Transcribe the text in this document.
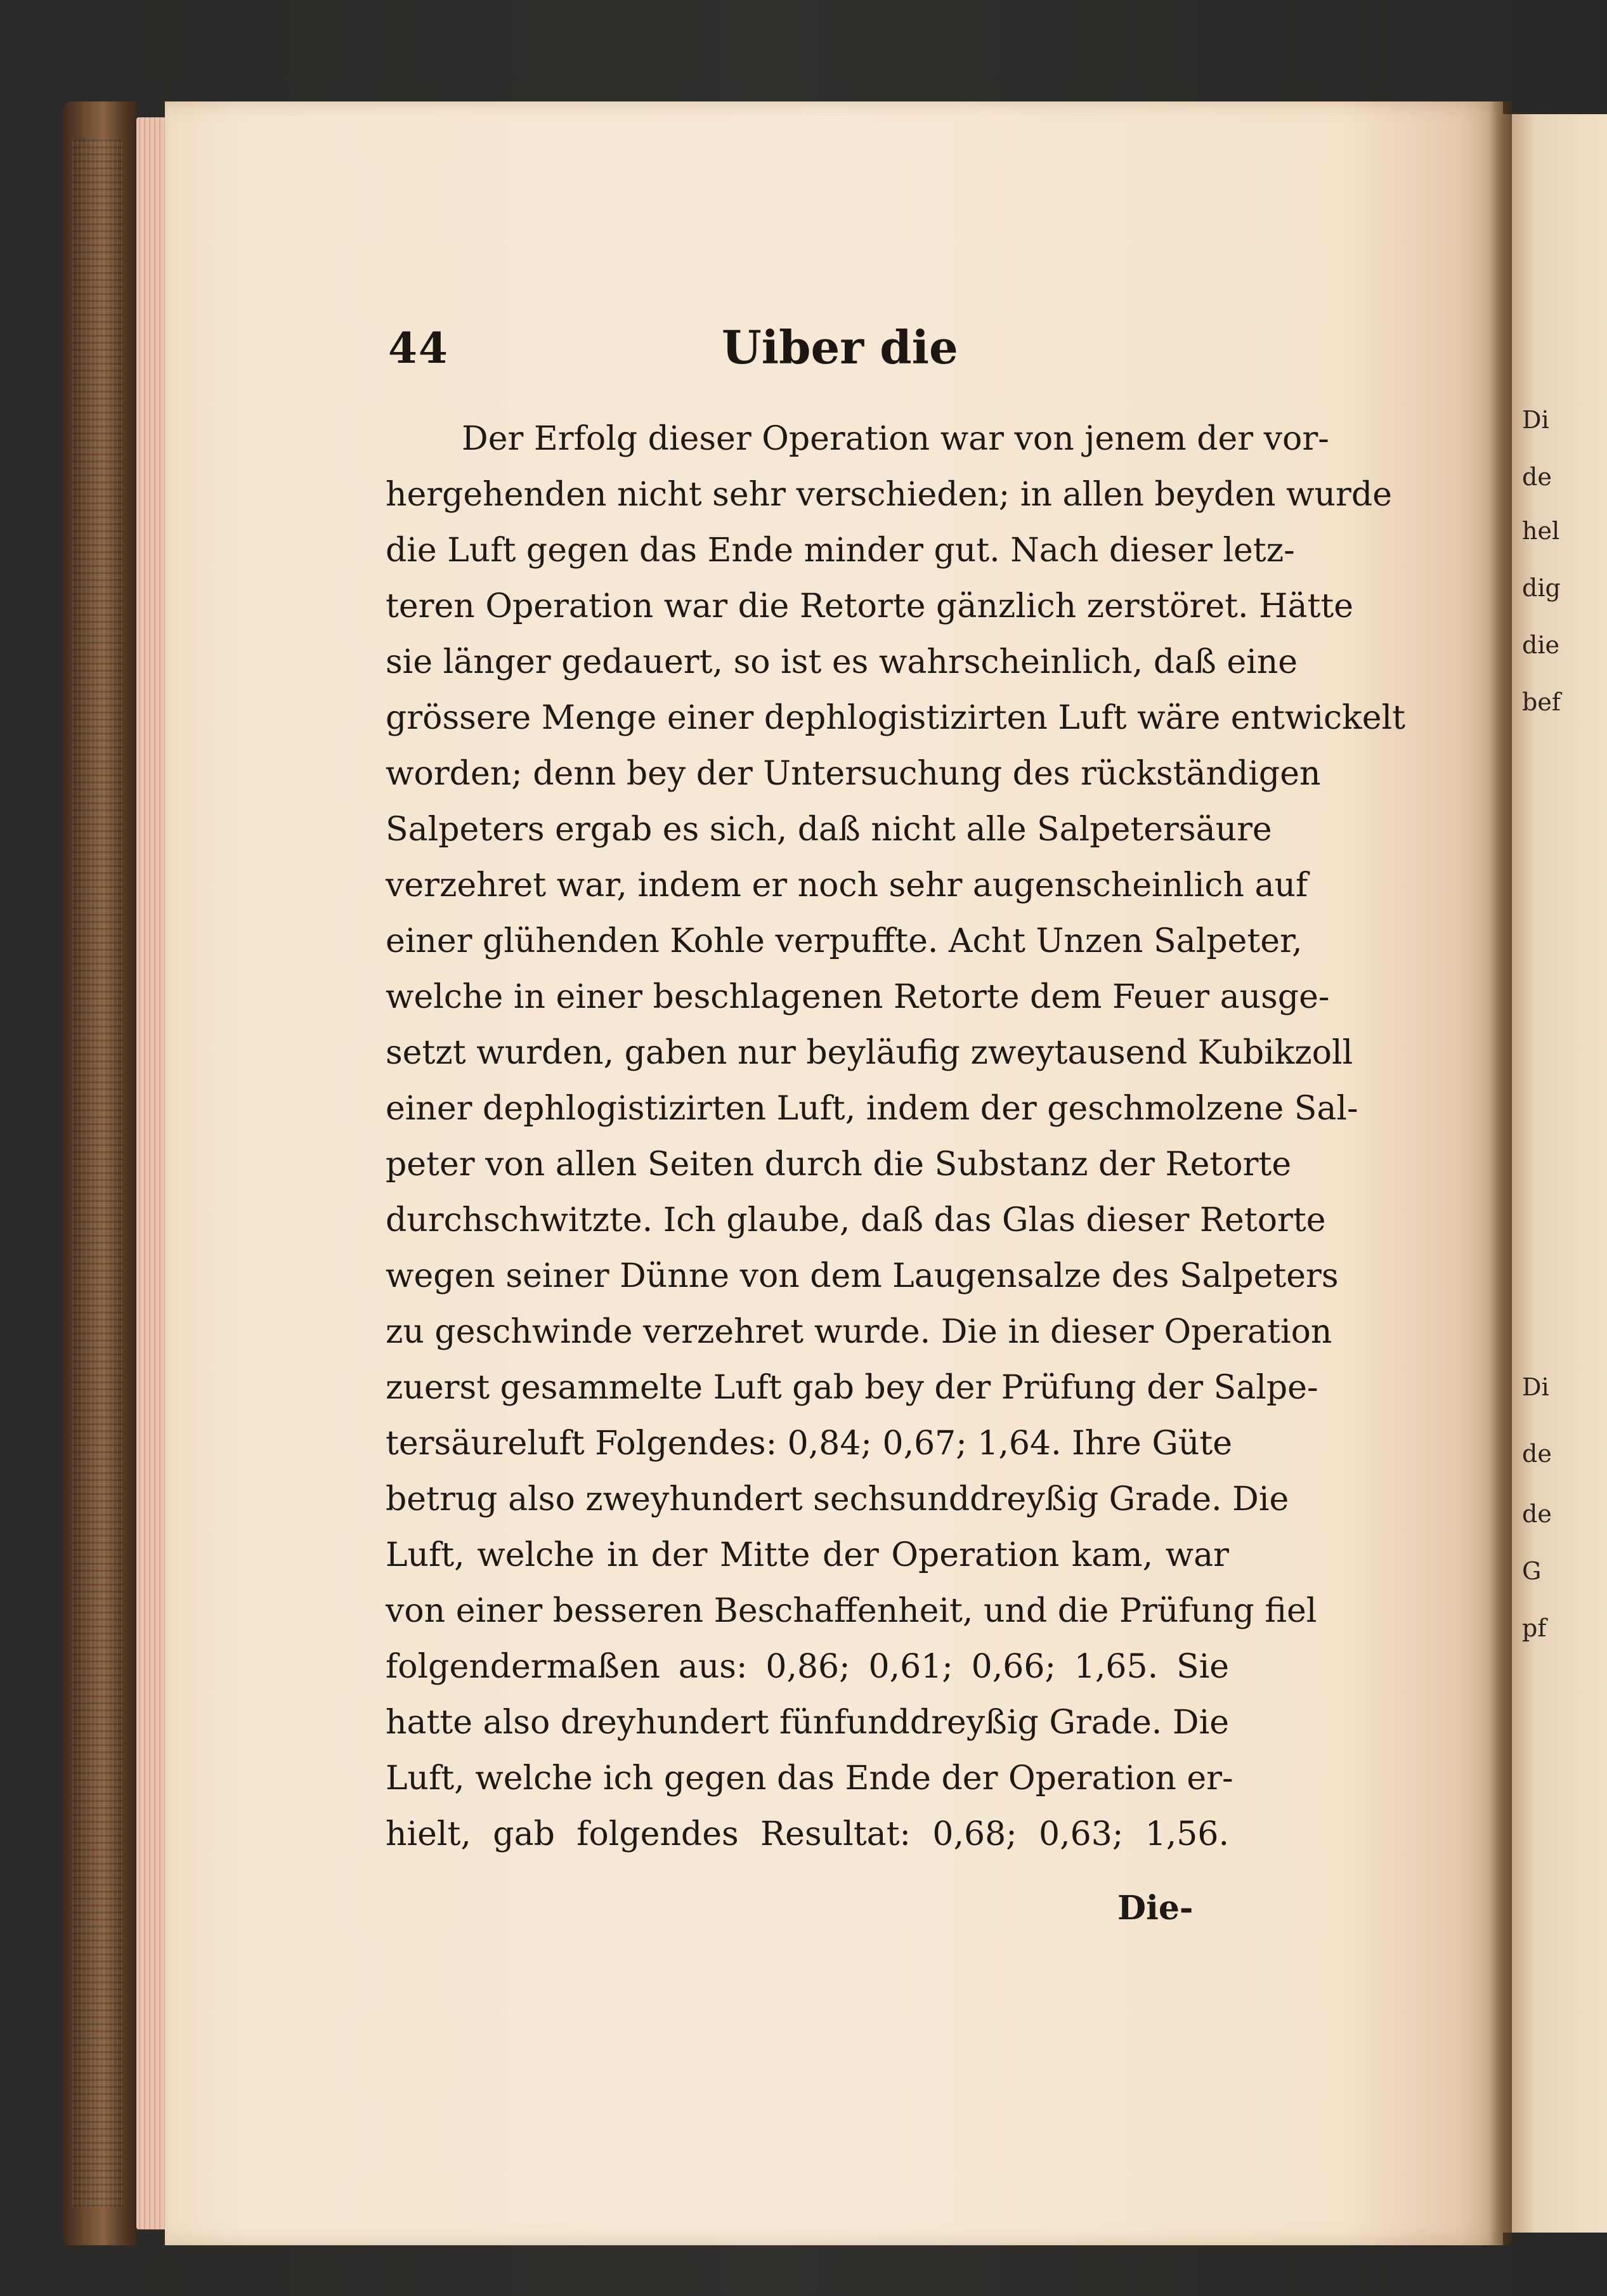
44	Uiber die
Der Erfolg dieser Operation war von jenem der vor-
hergehenden nicht sehr verschieden; in allen beyden wurde
die Luft gegen das Ende minder gut. Nach dieser letz-
teren Operation war die Retorte gänzlich zerstöret. Hätte
sie länger gedauert, so ist es wahrscheinlich, daß eine
grössere Menge einer dephlogistizirten Luft wäre entwickelt
worden; denn bey der Untersuchung des rückständigen
Salpeters ergab es sich, daß nicht alle Salpetersäure
verzehret war, indem er noch sehr augenscheinlich auf
einer glühenden Kohle verpuffte. Acht Unzen Salpeter,
welche in einer beschlagenen Retorte dem Feuer ausge-
setzt wurden, gaben nur beyläufig zweytausend Kubikzoll
einer dephlogistizirten Luft, indem der geschmolzene Sal-
peter von allen Seiten durch die Substanz der Retorte
durchschwitzte. Ich glaube, daß das Glas dieser Retorte
wegen seiner Dünne von dem Laugensalze des Salpeters
zu geschwinde verzehret wurde. Die in dieser Operation
zuerst gesammelte Luft gab bey der Prüfung der Salpe-
tersäureluft Folgendes: 0,84; 0,67; 1,64. Ihre Güte
betrug also zweyhundert sechsunddreyßig Grade. Die
Luft, welche in der Mitte der Operation kam, war
von einer besseren Beschaffenheit, und die Prüfung fiel
folgendermaßen aus: 0,86; 0,61; 0,66; 1,65. Sie
hatte also dreyhundert fünfunddreyßig Grade. Die
Luft, welche ich gegen das Ende der Operation er-
hielt, gab folgendes Resultat: 0,68; 0,63; 1,56.
Die-
Di
de
hel
dig
die
bef
Di
de
de
G
pf
